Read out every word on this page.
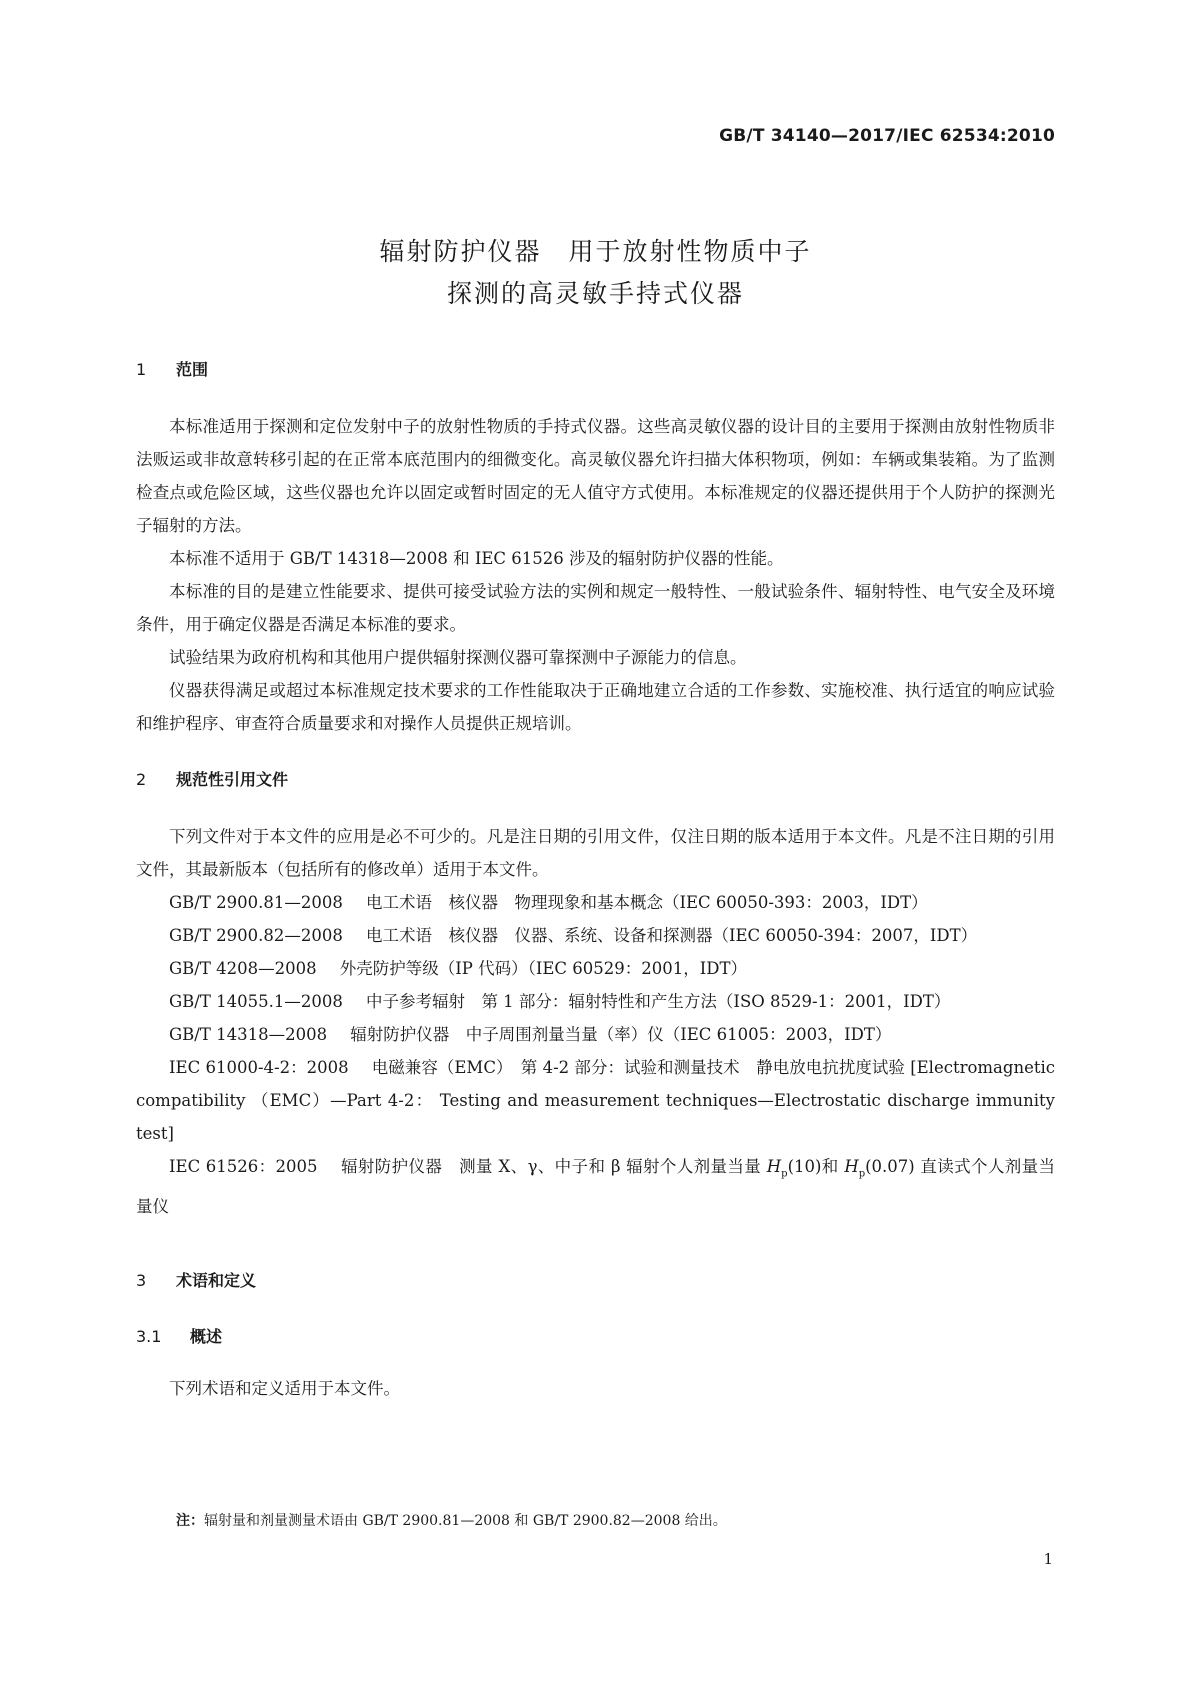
GB/T 34140—2017/IEC 62534:2010
辐射防护仪器　用于放射性物质中子
探测的高灵敏手持式仪器
1 范围

本标准适用于探测和定位发射中子的放射性物质的手持式仪器。这些高灵敏仪器的设计目的主要用于探测由放射性物质非法贩运或非故意转移引起的在正常本底范围内的细微变化。高灵敏仪器允许扫描大体积物项，例如：车辆或集装箱。为了监测检查点或危险区域，这些仪器也允许以固定或暂时固定的无人值守方式使用。本标准规定的仪器还提供用于个人防护的探测光子辐射的方法。

本标准不适用于 GB/T 14318—2008 和 IEC 61526 涉及的辐射防护仪器的性能。

本标准的目的是建立性能要求、提供可接受试验方法的实例和规定一般特性、一般试验条件、辐射特性、电气安全及环境条件，用于确定仪器是否满足本标准的要求。

试验结果为政府机构和其他用户提供辐射探测仪器可靠探测中子源能力的信息。

仪器获得满足或超过本标准规定技术要求的工作性能取决于正确地建立合适的工作参数、实施校准、执行适宜的响应试验和维护程序、审查符合质量要求和对操作人员提供正规培训。

2 规范性引用文件

下列文件对于本文件的应用是必不可少的。凡是注日期的引用文件，仅注日期的版本适用于本文件。凡是不注日期的引用文件，其最新版本（包括所有的修改单）适用于本文件。

GB/T 2900.81—2008 电工术语　核仪器　物理现象和基本概念（IEC 60050-393：2003，IDT）

GB/T 2900.82—2008 电工术语　核仪器　仪器、系统、设备和探测器（IEC 60050-394：2007，IDT）

GB/T 4208—2008 外壳防护等级（IP 代码）（IEC 60529：2001，IDT）

GB/T 14055.1—2008 中子参考辐射　第 1 部分：辐射特性和产生方法（ISO 8529-1：2001，IDT）

GB/T 14318—2008 辐射防护仪器　中子周围剂量当量（率）仪（IEC 61005：2003，IDT）

IEC 61000-4-2：2008 电磁兼容（EMC）　第 4-2 部分：试验和测量技术　静电放电抗扰度试验 [Electromagnetic compatibility （EMC）—Part 4-2： Testing and measurement techniques—Electrostatic discharge immunity test]

IEC 61526：2005 辐射防护仪器　测量 X、γ、中子和 β 辐射个人剂量当量 $H_p(10)$和 $H_p(0.07)$ 直读式个人剂量当量仪

3 术语和定义
3.1 概述

下列术语和定义适用于本文件。

注：辐射量和剂量测量术语由 GB/T 2900.81—2008 和 GB/T 2900.82—2008 给出。
1
